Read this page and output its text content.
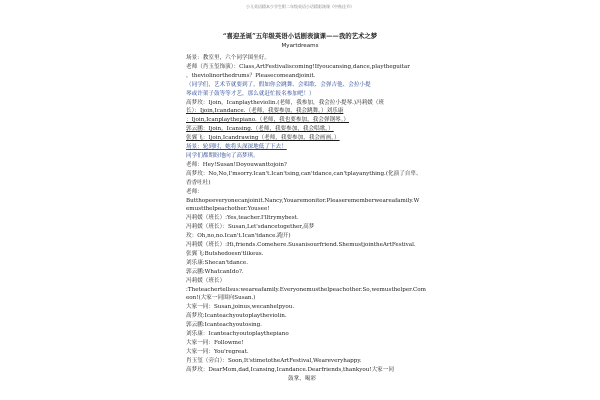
小儿英语精本少学生附二年级英语小话精彩演课《中秋佳节》
“喜迎圣诞”五年级英语小话剧表演课——我的艺术之梦
Myartdreams
场景：教室里，六个同学围坐好。
老师（肖玉玺饰演）：Class,ArtFestivaliscoming!Ifyoucansing,dance,playtheguitar
，theviolinorthedrums？Pleasecomeandjoinit.
（同学们，艺术节就要到了，假如你会跳舞、会唱歌、会弹吉他、会拉小提
琴或许架子鼓等等才艺，那么就赶忙报名参加吧！）
高梦玫：Ijoin，Icanplaytheviolin.(老师，我参加，我会拉小提琴.)冯莉媛（班
长）：Ijoin,Icandance.（老师，我要参加，我会跳舞。）刘乐康
：Ijoin,Icanplaythepiano.（老师，我也要参加，我会弹钢琴。）
郭云鹏：Ijoin，Icansing.（老师，我要参加，我会唱歌。）
张翼飞：Ijoin,Icandrawing（老师，我要参加，我会画画。）
场景：轮到时，她将头深深地低了下去！
同学们都期盼地向了高梦琪。
老师：Hey!Susan!Doyouwanttojoin?
高梦玫：No,No,I'msorry.Ican't.Ican'tsing,can'tdance,can'tplayanything.(化演了自卑、
香香吐吐)
老师：
Butthopeeveryonecanjoinit.Nancy,Youaremonitor.Pleaserememberweareafamily.W
emustthelpeachother.Yousee!
冯莉媛（班长）:Yes,teacher.I'lltrymybest.
冯莉媛（班长）：Susan,Let'sdancetogether,高梦
玫：Oh,no,no.Ican't.Ican'tdance.跑开)
冯莉媛（班长）:Hi,friends.Comehere.Susanisourfriend.ShemustjointheArtFestival.
张翼飞:Butshedoesn'tlikeus.
刘乐康:Shecan'tdance.
郭云鹏:WhatcanIdo?.
冯莉媛（班长）
:Theteachertellsus:weareafamily.Everyonemusthelpeachother.So,wemusthelper.Com
eon!(大家一同围向Susan.)
大家一同：Susan,joinus,wecanhelpyou.
高梦玫:Icanteachyoutoplaytheviolin.
郭云鹏:Icanteachyoutosing.
刘乐康：Icanteachyoutoplaythepiano
大家一同：Followme!
大家一同：You'regreat.
肖玉玺（旁白）：Soon,It'stimetotheArtFestival,Weareveryhappy.
高梦玫：DearMom,dad,Icansing,Icandance.Dearfriends,thankyou!大家一同
鼓掌、喝彩
